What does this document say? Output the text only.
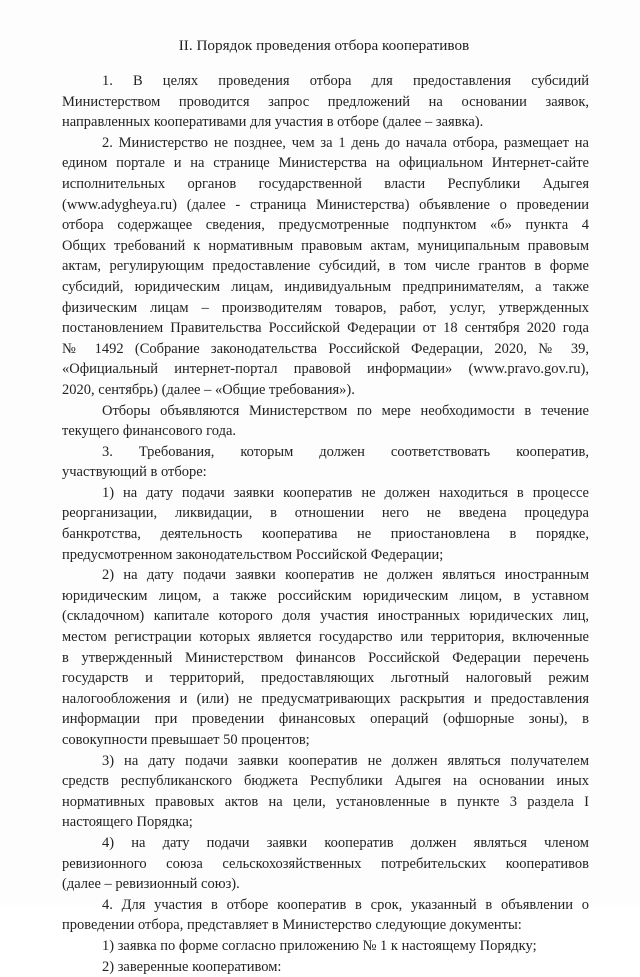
II. Порядок проведения отбора кооперативов
1. В целях проведения отбора для предоставления субсидий
Министерством проводится запрос предложений на основании заявок,
направленных кооперативами для участия в отборе (далее – заявка).
2. Министерство не позднее, чем за 1 день до начала отбора, размещает на
едином портале и на странице Министерства на официальном Интернет-сайте
исполнительных органов государственной власти Республики Адыгея
(www.adygheya.ru) (далее - страница Министерства) объявление о проведении
отбора содержащее сведения, предусмотренные подпунктом «б» пункта 4
Общих требований к нормативным правовым актам, муниципальным правовым
актам, регулирующим предоставление субсидий, в том числе грантов в форме
субсидий, юридическим лицам, индивидуальным предпринимателям, а также
физическим лицам – производителям товаров, работ, услуг, утвержденных
постановлением Правительства Российской Федерации от 18 сентября 2020 года
№ 1492 (Собрание законодательства Российской Федерации, 2020, № 39,
«Официальный интернет-портал правовой информации» (www.pravo.gov.ru),
2020, сентябрь) (далее – «Общие требования»).
Отборы объявляются Министерством по мере необходимости в течение
текущего финансового года.
3. Требования, которым должен соответствовать кооператив,
участвующий в отборе:
1) на дату подачи заявки кооператив не должен находиться в процессе
реорганизации, ликвидации, в отношении него не введена процедура
банкротства, деятельность кооператива не приостановлена в порядке,
предусмотренном законодательством Российской Федерации;
2) на дату подачи заявки кооператив не должен являться иностранным
юридическим лицом, а также российским юридическим лицом, в уставном
(складочном) капитале которого доля участия иностранных юридических лиц,
местом регистрации которых является государство или территория, включенные
в утвержденный Министерством финансов Российской Федерации перечень
государств и территорий, предоставляющих льготный налоговый режим
налогообложения и (или) не предусматривающих раскрытия и предоставления
информации при проведении финансовых операций (офшорные зоны), в
совокупности превышает 50 процентов;
3) на дату подачи заявки кооператив не должен являться получателем
средств республиканского бюджета Республики Адыгея на основании иных
нормативных правовых актов на цели, установленные в пункте 3 раздела I
настоящего Порядка;
4) на дату подачи заявки кооператив должен являться членом
ревизионного союза сельскохозяйственных потребительских кооперативов
(далее – ревизионный союз).
4. Для участия в отборе кооператив в срок, указанный в объявлении о
проведении отбора, представляет в Министерство следующие документы:
1) заявка по форме согласно приложению № 1 к настоящему Порядку;
2) заверенные кооперативом:
